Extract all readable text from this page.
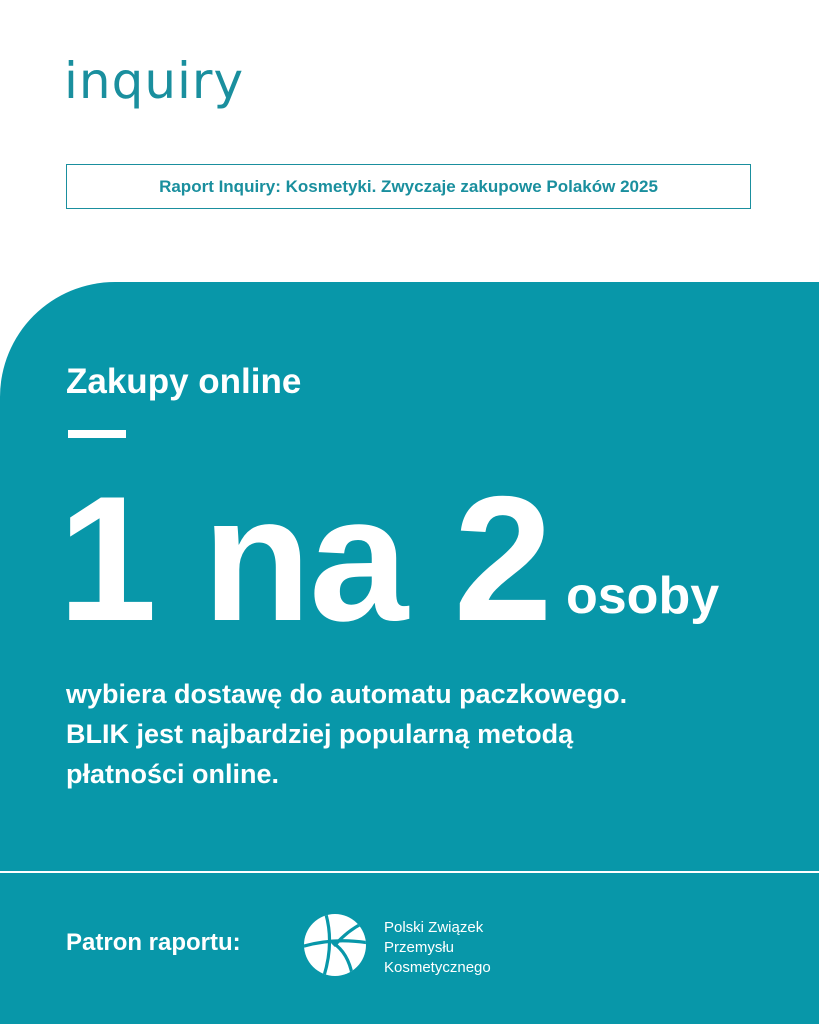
inquiry
Raport Inquiry: Kosmetyki. Zwyczaje zakupowe Polaków 2025
Zakupy online
1 na 2 osoby
wybiera dostawę do automatu paczkowego.
BLIK jest najbardziej popularną metodą
płatności online.
Patron raportu:
Polski Związek
Przemysłu
Kosmetycznego
